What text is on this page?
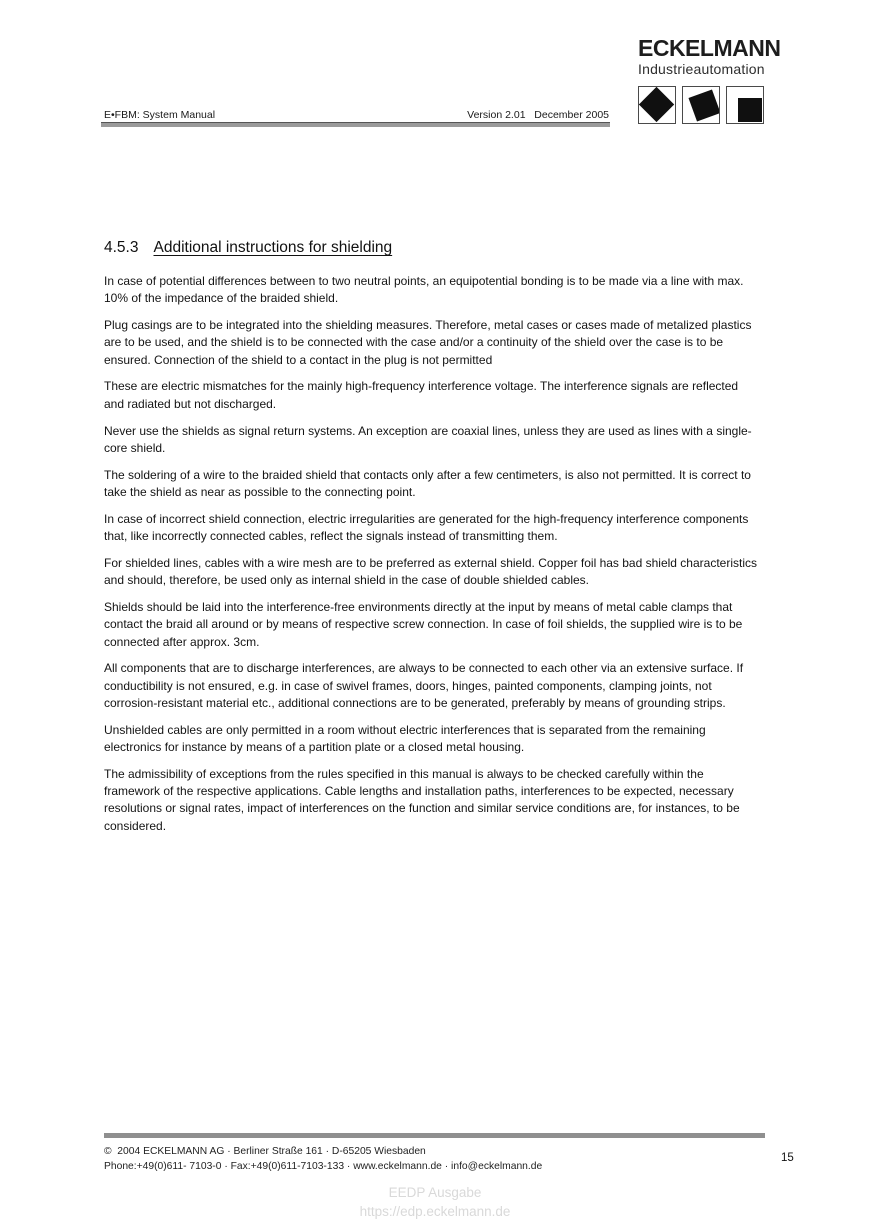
ECKELMANN
Industrieautomation
E•FBM: System Manual	Version 2.01   December 2005
4.5.3 Additional instructions for shielding

In case of potential differences between to two neutral points, an equipotential bonding is to be made via a line with max. 10% of the impedance of the braided shield.

Plug casings are to be integrated into the shielding measures. Therefore, metal cases or cases made of metalized plastics are to be used, and the shield is to be connected with the case and/or a continuity of the shield over the case is to be ensured. Connection of the shield to a contact in the plug is not permitted

These are electric mismatches for the mainly high-frequency interference voltage. The interference signals are reflected and radiated but not discharged.

Never use the shields as signal return systems. An exception are coaxial lines, unless they are used as lines with a single-core shield.

The soldering of a wire to the braided shield that contacts only after a few centimeters, is also not permitted. It is correct to take the shield as near as possible to the connecting point.

In case of incorrect shield connection, electric irregularities are generated for the high-frequency interference components that, like incorrectly connected cables, reflect the signals instead of transmitting them.

For shielded lines, cables with a wire mesh are to be preferred as external shield. Copper foil has bad shield characteristics and should, therefore, be used only as internal shield in the case of double shielded cables.

Shields should be laid into the interference-free environments directly at the input by means of metal cable clamps that contact the braid all around or by means of respective screw connection. In case of foil shields, the supplied wire is to be connected after approx. 3cm.

All components that are to discharge interferences, are always to be connected to each other via an extensive surface. If conductibility is not ensured, e.g. in case of swivel frames, doors, hinges, painted components, clamping joints, not corrosion-resistant material etc., additional connections are to be generated, preferably by means of grounding strips.

Unshielded cables are only permitted in a room without electric interferences that is separated from the remaining electronics for instance by means of a partition plate or a closed metal housing.

The admissibility of exceptions from the rules specified in this manual is always to be checked carefully within the framework of the respective applications. Cable lengths and installation paths, interferences to be expected, necessary resolutions or signal rates, impact of interferences on the function and similar service conditions are, for instances, to be considered.

©  2004 ECKELMANN AG · Berliner Straße 161 · D-65205 Wiesbaden
Phone:+49(0)611- 7103-0 · Fax:+49(0)611-7103-133 · www.eckelmann.de · info@eckelmann.de
15
EEDP Ausgabe
https://edp.eckelmann.de
